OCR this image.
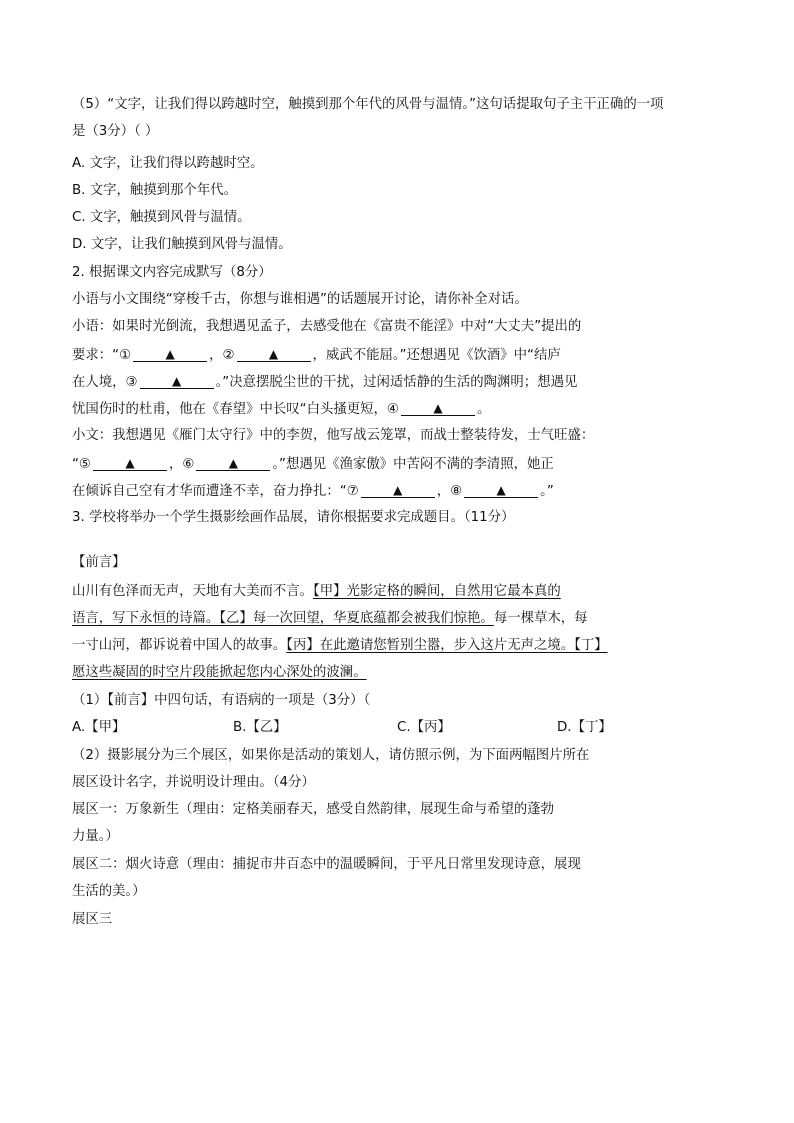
（5）“文字，让我们得以跨越时空，触摸到那个年代的风骨与温情。”这句话提取句子主干正确的一项
是（3分）（ ）
A. 文字，让我们得以跨越时空。
B. 文字，触摸到那个年代。
C. 文字，触摸到风骨与温情。
D. 文字，让我们触摸到风骨与温情。
2. 根据课文内容完成默写（8分）
小语与小文围绕“穿梭千古，你想与谁相遇”的话题展开讨论，请你补全对话。
小语：如果时光倒流，我想遇见孟子，去感受他在《富贵不能淫》中对“大丈夫”提出的
要求：“①	▲	，②	▲	，威武不能屈。”还想遇见《饮酒》中“结庐
在人境，③	▲	。”决意摆脱尘世的干扰，过闲适恬静的生活的陶渊明；想遇见
忧国伤时的杜甫，他在《春望》中长叹“白头搔更短，④	▲	。
小文：我想遇见《雁门太守行》中的李贺，他写战云笼罩，而战士整装待发，士气旺盛：
“⑤	▲	，⑥	▲	。”想遇见《渔家傲》中苦闷不满的李清照，她正
在倾诉自己空有才华而遭逢不幸，奋力挣扎：“⑦	▲	，⑧	▲	。”
3. 学校将举办一个学生摄影绘画作品展，请你根据要求完成题目。（11分）
【前言】
山川有色泽而无声，天地有大美而不言。【甲】光影定格的瞬间，自然用它最本真的
语言，写下永恒的诗篇。【乙】每一次回望，华夏底蕴都会被我们惊艳。每一棵草木，每
一寸山河，都诉说着中国人的故事。【丙】在此邀请您暂别尘嚣，步入这片无声之境。【丁】
愿这些凝固的时空片段能掀起您内心深处的波澜。
（1）【前言】中四句话，有语病的一项是（3分）（
A.【甲】	B.【乙】	C.【丙】	D.【丁】
（2）摄影展分为三个展区，如果你是活动的策划人，请仿照示例，为下面两幅图片所在
展区设计名字，并说明设计理由。（4分）
展区一：万象新生（理由：定格美丽春天，感受自然韵律，展现生命与希望的蓬勃
力量。）
展区二：烟火诗意（理由：捕捉市井百态中的温暖瞬间，于平凡日常里发现诗意，展现
生活的美。）
展区三
